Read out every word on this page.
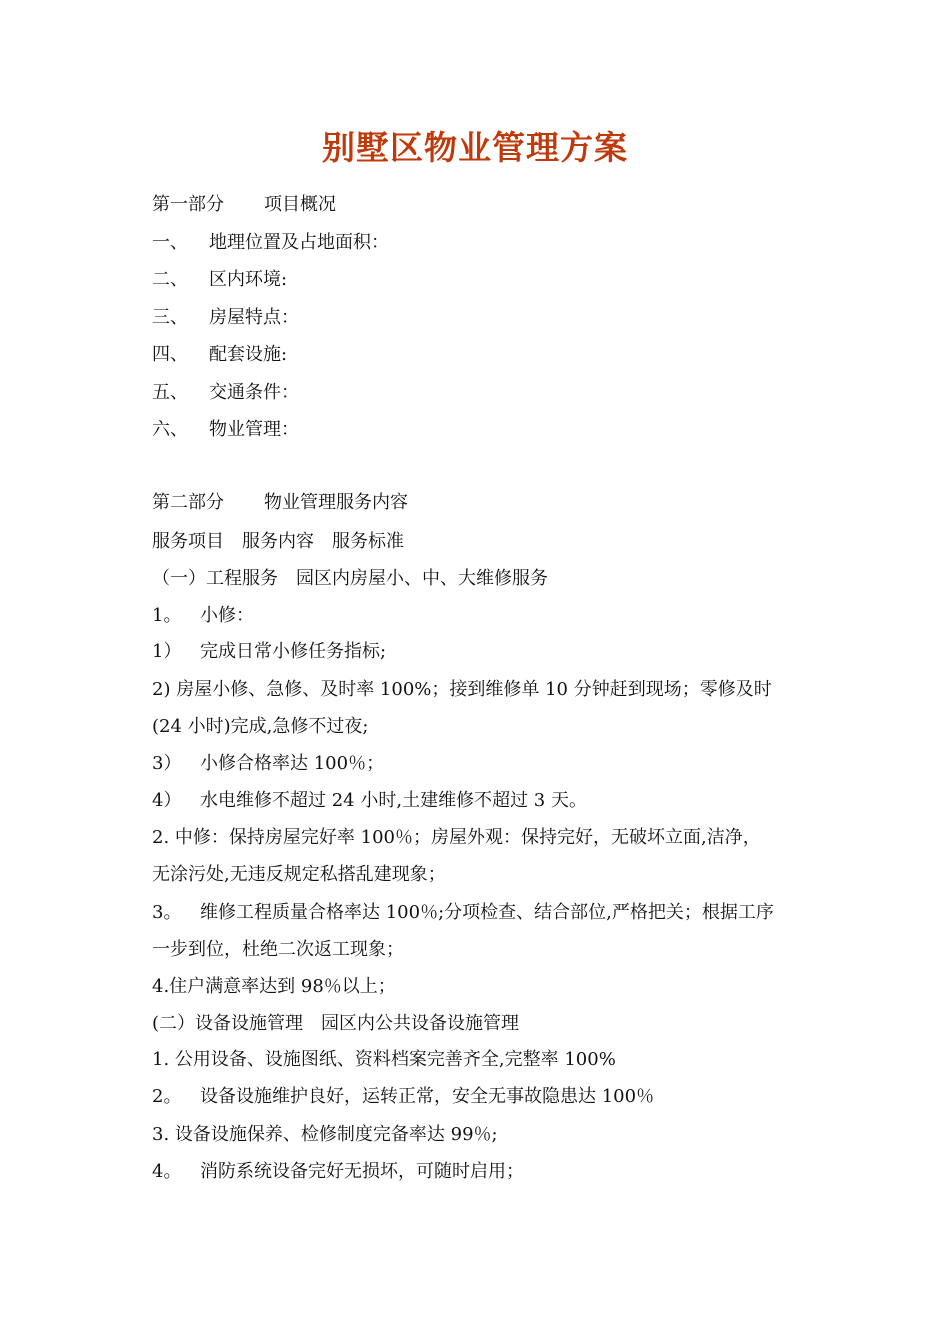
别墅区物业管理方案
第一部分 项目概况
一、 地理位置及占地面积：
二、 区内环境:
三、 房屋特点：
四、 配套设施:
五、 交通条件：
六、 物业管理：
第二部分 物业管理服务内容
服务项目 服务内容 服务标准
（一）工程服务 园区内房屋小、中、大维修服务
1。 小修：
1） 完成日常小修任务指标;
2) 房屋小修、急修、及时率 100%；接到维修单 10 分钟赶到现场；零修及时
(24 小时)完成,急修不过夜;
3） 小修合格率达 100％；
4） 水电维修不超过 24 小时,土建维修不超过 3 天。
2. 中修：保持房屋完好率 100％；房屋外观：保持完好，无破坏立面,洁净，
无涂污处,无违反规定私搭乱建现象；
3。 维修工程质量合格率达 100％;分项检查、结合部位,严格把关；根据工序
一步到位，杜绝二次返工现象；
4.住户满意率达到 98％以上；
(二）设备设施管理 园区内公共设备设施管理
1. 公用设备、设施图纸、资料档案完善齐全,完整率 100%
2。 设备设施维护良好，运转正常，安全无事故隐患达 100％
3. 设备设施保养、检修制度完备率达 99％;
4。 消防系统设备完好无损坏，可随时启用；
